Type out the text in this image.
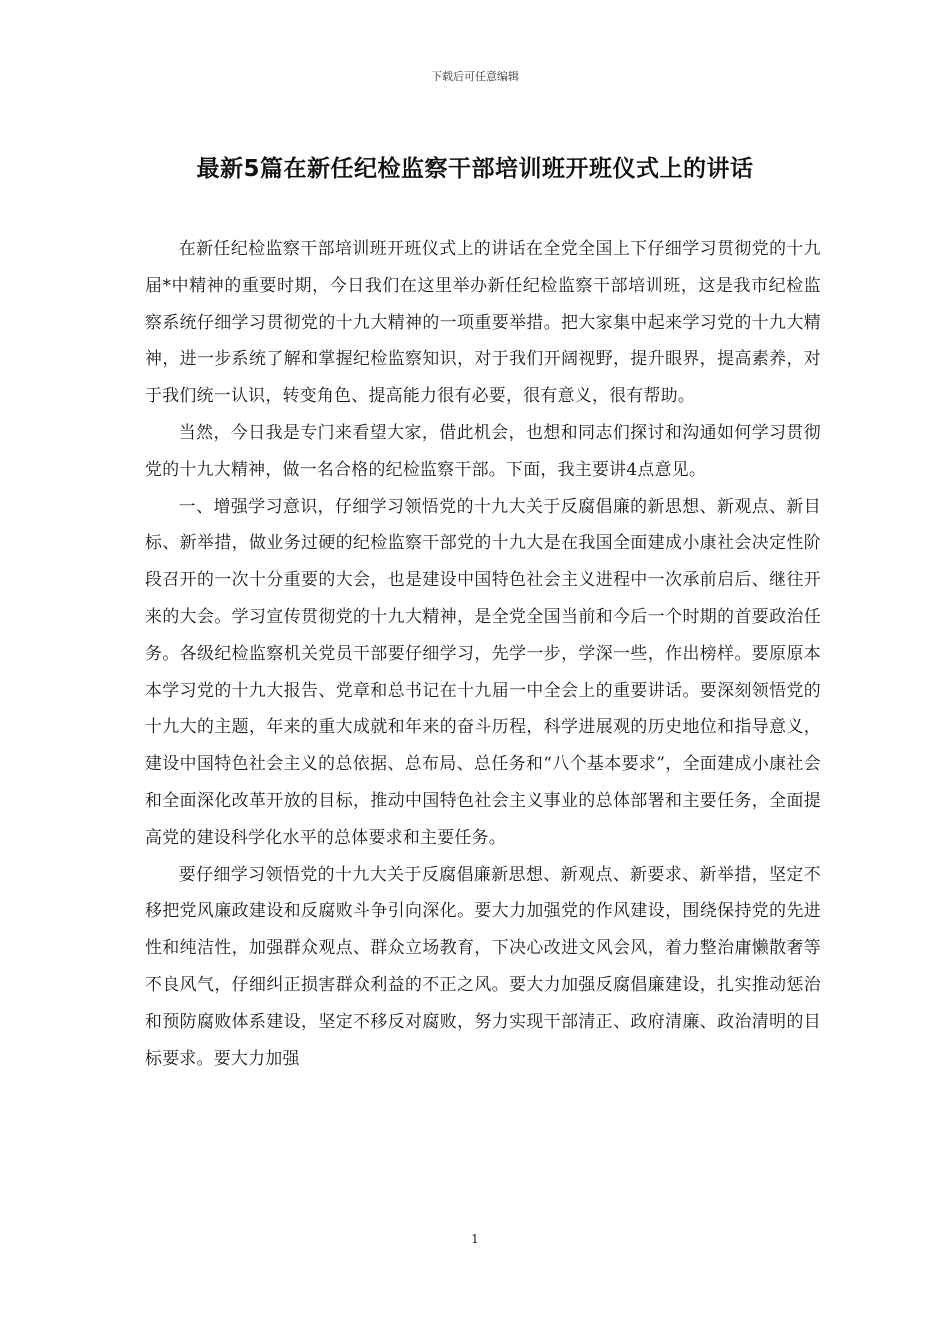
下载后可任意编辑
最新5篇在新任纪检监察干部培训班开班仪式上的讲话

在新任纪检监察干部培训班开班仪式上的讲话在全党全国上下仔细学习贯彻党的十九届*中精神的重要时期，今日我们在这里举办新任纪检监察干部培训班，这是我市纪检监察系统仔细学习贯彻党的十九大精神的一项重要举措。把大家集中起来学习党的十九大精神，进一步系统了解和掌握纪检监察知识，对于我们开阔视野，提升眼界，提高素养，对于我们统一认识，转变角色、提高能力很有必要，很有意义，很有帮助。

当然，今日我是专门来看望大家，借此机会，也想和同志们探讨和沟通如何学习贯彻党的十九大精神，做一名合格的纪检监察干部。下面，我主要讲4点意见。

一、增强学习意识，仔细学习领悟党的十九大关于反腐倡廉的新思想、新观点、新目标、新举措，做业务过硬的纪检监察干部党的十九大是在我国全面建成小康社会决定性阶段召开的一次十分重要的大会，也是建设中国特色社会主义进程中一次承前启后、继往开来的大会。学习宣传贯彻党的十九大精神，是全党全国当前和今后一个时期的首要政治任务。各级纪检监察机关党员干部要仔细学习，先学一步，学深一些，作出榜样。要原原本本学习党的十九大报告、党章和总书记在十九届一中全会上的重要讲话。要深刻领悟党的十九大的主题，年来的重大成就和年来的奋斗历程，科学进展观的历史地位和指导意义，建设中国特色社会主义的总依据、总布局、总任务和“八个基本要求”，全面建成小康社会和全面深化改革开放的目标，推动中国特色社会主义事业的总体部署和主要任务，全面提高党的建设科学化水平的总体要求和主要任务。

要仔细学习领悟党的十九大关于反腐倡廉新思想、新观点、新要求、新举措，坚定不移把党风廉政建设和反腐败斗争引向深化。要大力加强党的作风建设，围绕保持党的先进性和纯洁性，加强群众观点、群众立场教育，下决心改进文风会风，着力整治庸懒散奢等不良风气，仔细纠正损害群众利益的不正之风。要大力加强反腐倡廉建设，扎实推动惩治和预防腐败体系建设，坚定不移反对腐败，努力实现干部清正、政府清廉、政治清明的目标要求。要大力加强

1
